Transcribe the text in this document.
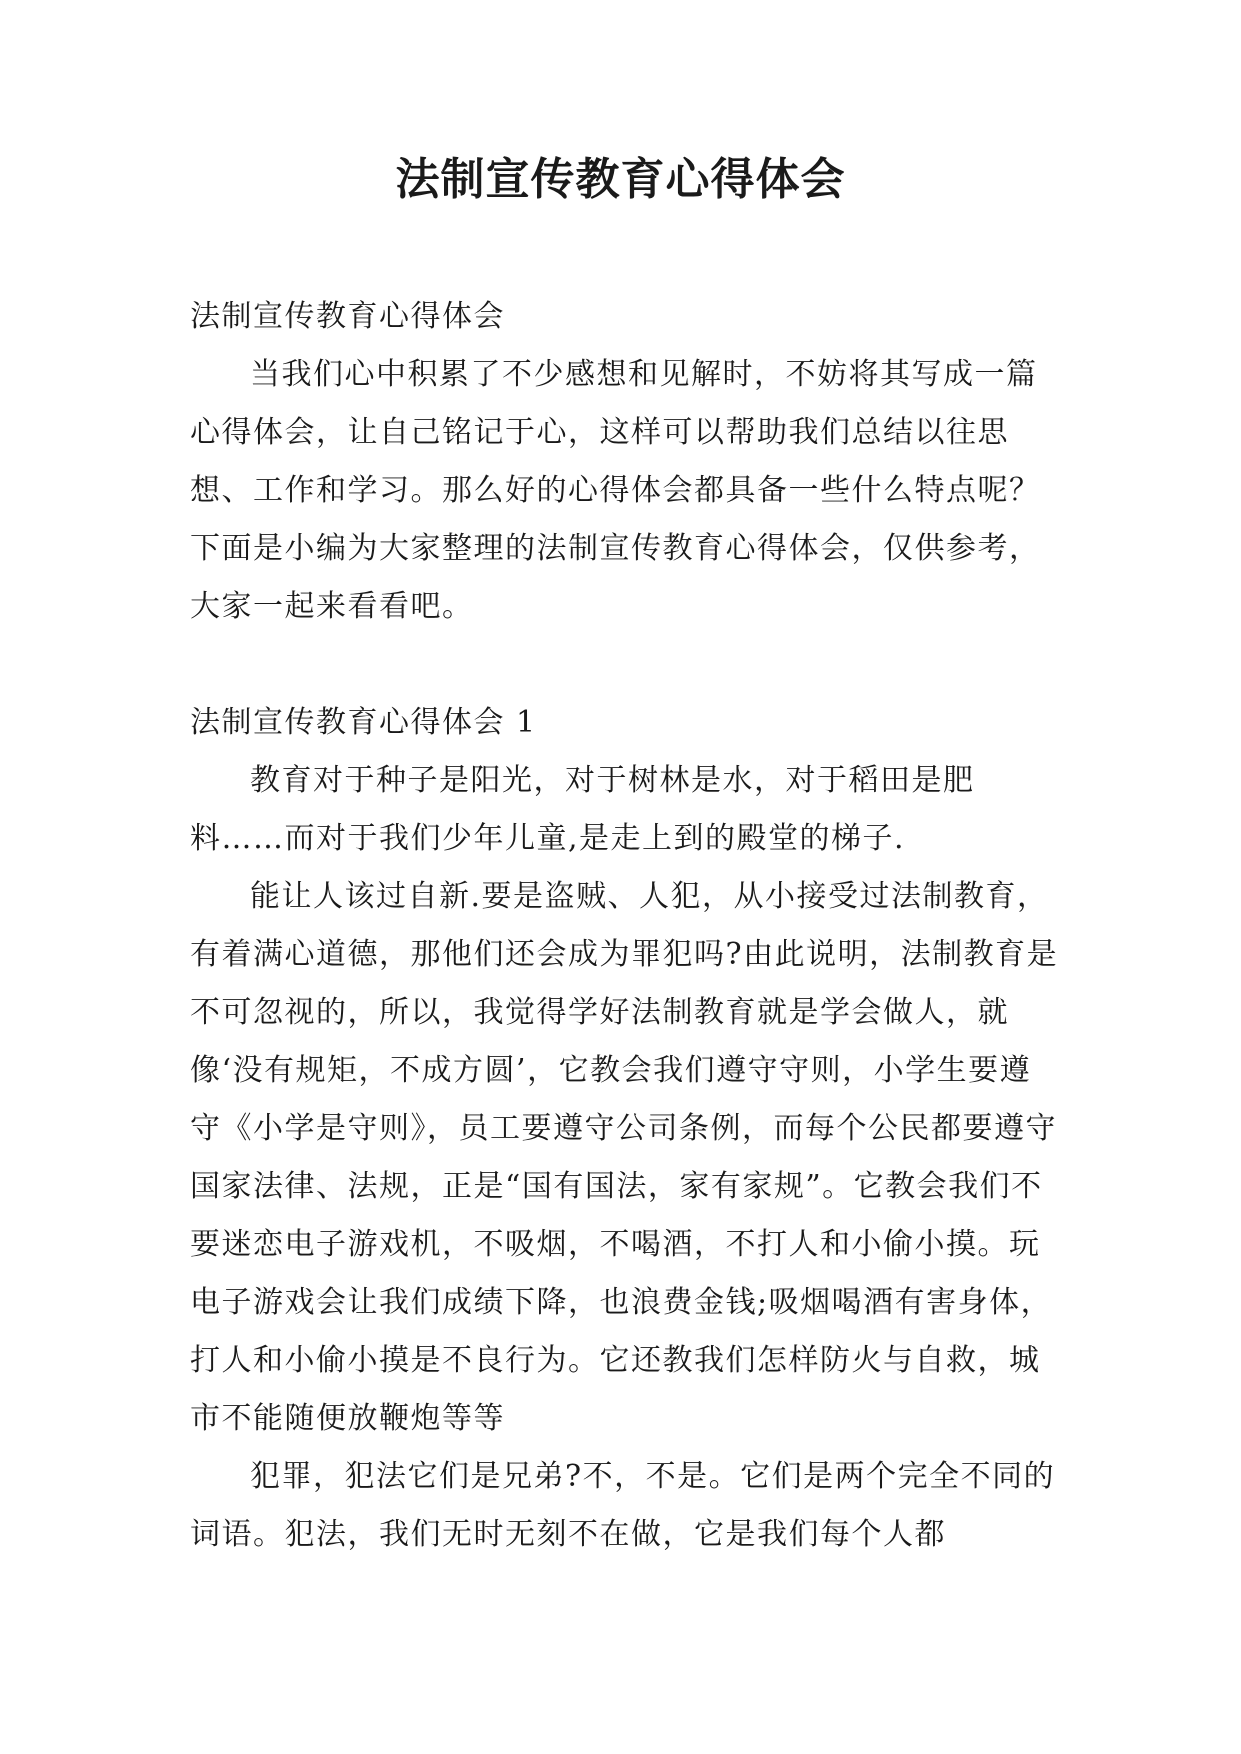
法制宣传教育心得体会

法制宣传教育心得体会

当我们心中积累了不少感想和见解时，不妨将其写成一篇心得体会，让自己铭记于心，这样可以帮助我们总结以往思想、工作和学习。那么好的心得体会都具备一些什么特点呢？下面是小编为大家整理的法制宣传教育心得体会，仅供参考，大家一起来看看吧。

法制宣传教育心得体会 1

教育对于种子是阳光，对于树林是水，对于稻田是肥料……而对于我们少年儿童,是走上到的殿堂的梯子.

能让人该过自新.要是盗贼、人犯，从小接受过法制教育，有着满心道德，那他们还会成为罪犯吗?由此说明，法制教育是不可忽视的，所以，我觉得学好法制教育就是学会做人，就像‘没有规矩，不成方圆’，它教会我们遵守守则，小学生要遵守《小学是守则》，员工要遵守公司条例，而每个公民都要遵守国家法律、法规，正是“国有国法，家有家规”。它教会我们不要迷恋电子游戏机，不吸烟，不喝酒，不打人和小偷小摸。玩电子游戏会让我们成绩下降，也浪费金钱;吸烟喝酒有害身体，打人和小偷小摸是不良行为。它还教我们怎样防火与自救，城市不能随便放鞭炮等等

犯罪，犯法它们是兄弟?不，不是。它们是两个完全不同的词语。犯法，我们无时无刻不在做，它是我们每个人都
